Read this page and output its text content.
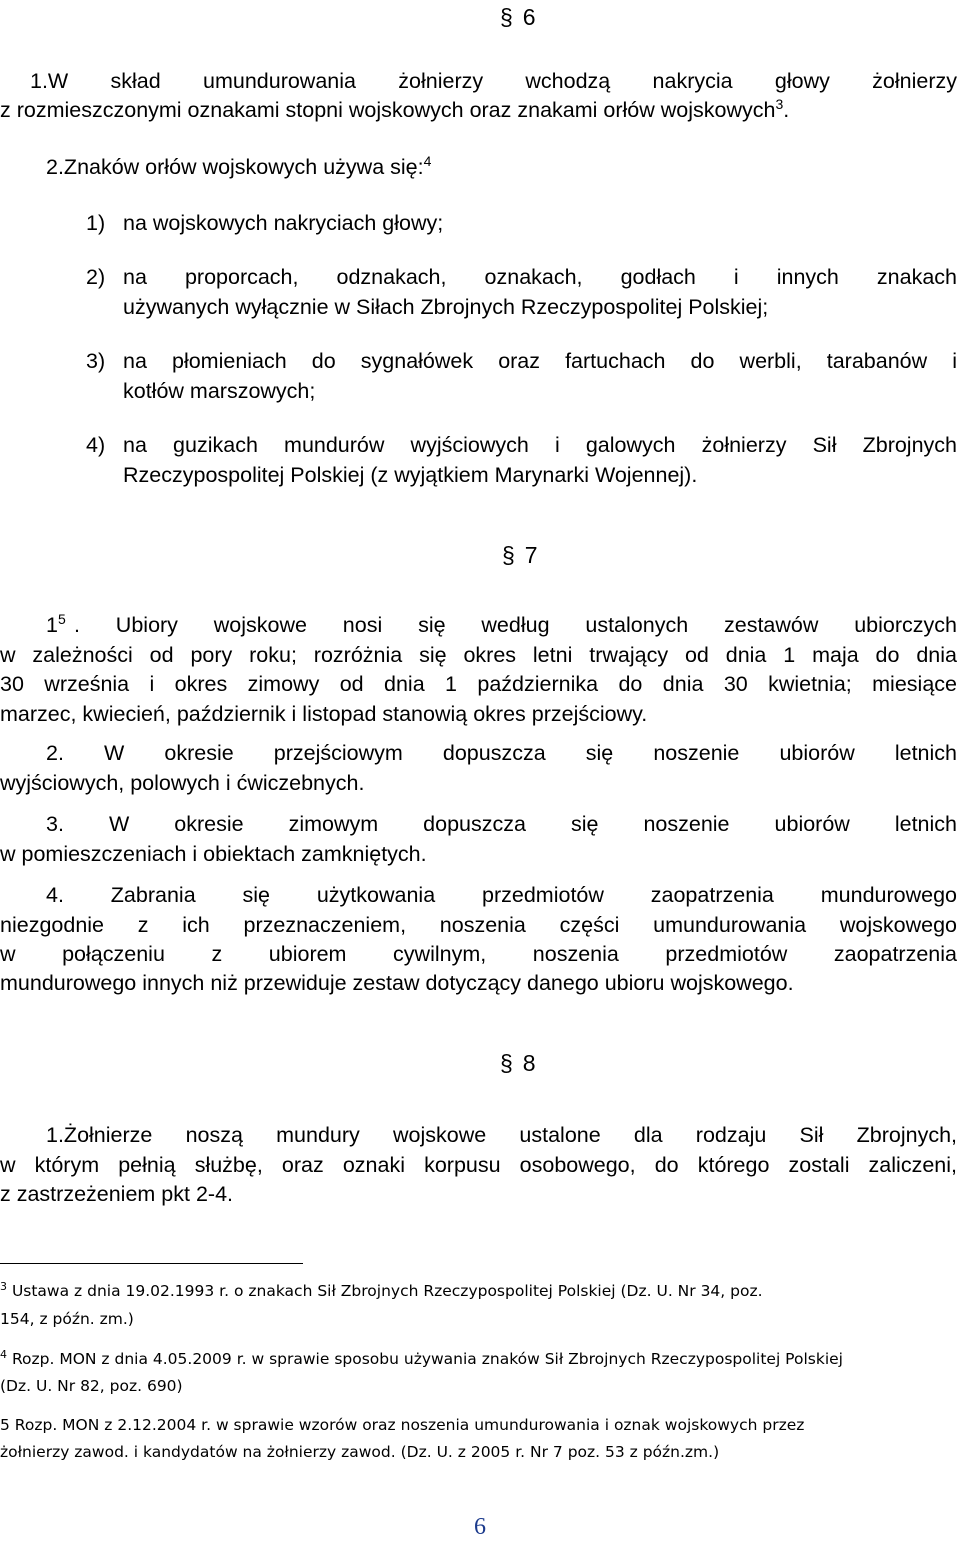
§ 6
1.W skład umundurowania żołnierzy wchodzą nakrycia głowy żołnierzy
z rozmieszczonymi oznakami stopni wojskowych oraz znakami orłów wojskowych$^3$.
2.Znaków orłów wojskowych używa się:$^4$
1) na wojskowych nakryciach głowy;
2) na proporcach, odznakach, oznakach, godłach i innych znakach
używanych wyłącznie w Siłach Zbrojnych Rzeczypospolitej Polskiej;
3) na płomieniach do sygnałówek oraz fartuchach do werbli, tarabanów i
kotłów marszowych;
4) na guzikach mundurów wyjściowych i galowych żołnierzy Sił Zbrojnych
Rzeczypospolitej Polskiej (z wyjątkiem Marynarki Wojennej).
§ 7
$1^5$ . Ubiory wojskowe nosi się według ustalonych zestawów ubiorczych
w zależności od pory roku; rozróżnia się okres letni trwający od dnia 1 maja do dnia
30 września i okres zimowy od dnia 1 października do dnia 30 kwietnia; miesiące
marzec, kwiecień, październik i listopad stanowią okres przejściowy.
2. W okresie przejściowym dopuszcza się noszenie ubiorów letnich
wyjściowych, polowych i ćwiczebnych.
3. W okresie zimowym dopuszcza się noszenie ubiorów letnich
w pomieszczeniach i obiektach zamkniętych.
4. Zabrania się użytkowania przedmiotów zaopatrzenia mundurowego
niezgodnie z ich przeznaczeniem, noszenia części umundurowania wojskowego
w połączeniu z ubiorem cywilnym, noszenia przedmiotów zaopatrzenia
mundurowego innych niż przewiduje zestaw dotyczący danego ubioru wojskowego.
§ 8
1.Żołnierze noszą mundury wojskowe ustalone dla rodzaju Sił Zbrojnych,
w którym pełnią służbę, oraz oznaki korpusu osobowego, do którego zostali zaliczeni,
z zastrzeżeniem pkt 2-4.
$^3$ Ustawa z dnia 19.02.1993 r. o znakach Sił Zbrojnych Rzeczypospolitej Polskiej (Dz. U. Nr 34, poz.
154, z późn. zm.)
$^4$ Rozp. MON z dnia 4.05.2009 r. w sprawie sposobu używania znaków Sił Zbrojnych Rzeczypospolitej Polskiej
(Dz. U. Nr 82, poz. 690)
5 Rozp. MON z 2.12.2004 r. w sprawie wzorów oraz noszenia umundurowania i oznak wojskowych przez
żołnierzy zawod. i kandydatów na żołnierzy zawod. (Dz. U. z 2005 r. Nr 7 poz. 53 z późn.zm.)
6
